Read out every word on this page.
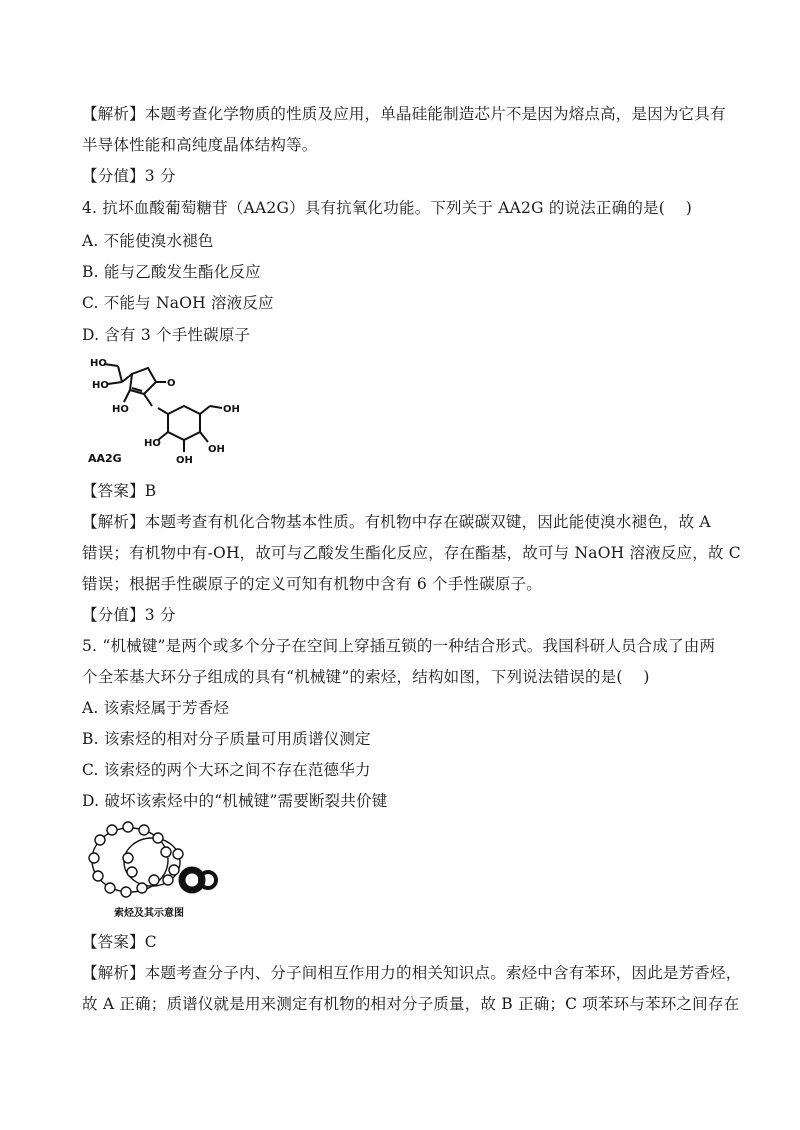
【解析】本题考查化学物质的性质及应用，单晶硅能制造芯片不是因为熔点高，是因为它具有
半导体性能和高纯度晶体结构等。
【分值】3 分
4. 抗坏血酸葡萄糖苷（AA2G）具有抗氧化功能。下列关于 AA2G 的说法正确的是(　 )
A. 不能使溴水褪色
B. 能与乙酸发生酯化反应
C. 不能与 NaOH 溶液反应
D. 含有 3 个手性碳原子
HO
HO	O
HO	OH
HO
OH
OH
AA2G
【答案】B
【解析】本题考查有机化合物基本性质。有机物中存在碳碳双键，因此能使溴水褪色，故 A
错误；有机物中有-OH，故可与乙酸发生酯化反应，存在酯基，故可与 NaOH 溶液反应，故 C
错误；根据手性碳原子的定义可知有机物中含有 6 个手性碳原子。
【分值】3 分
5. “机械键”是两个或多个分子在空间上穿插互锁的一种结合形式。我国科研人员合成了由两
个全苯基大环分子组成的具有“机械键”的索烃，结构如图，下列说法错误的是(　 )
A. 该索烃属于芳香烃
B. 该索烃的相对分子质量可用质谱仪测定
C. 该索烃的两个大环之间不存在范德华力
D. 破坏该索烃中的“机械键”需要断裂共价键
索烃及其示意图
【答案】C
【解析】本题考查分子内、分子间相互作用力的相关知识点。索烃中含有苯环，因此是芳香烃，
故 A 正确；质谱仪就是用来测定有机物的相对分子质量，故 B 正确；C 项苯环与苯环之间存在
